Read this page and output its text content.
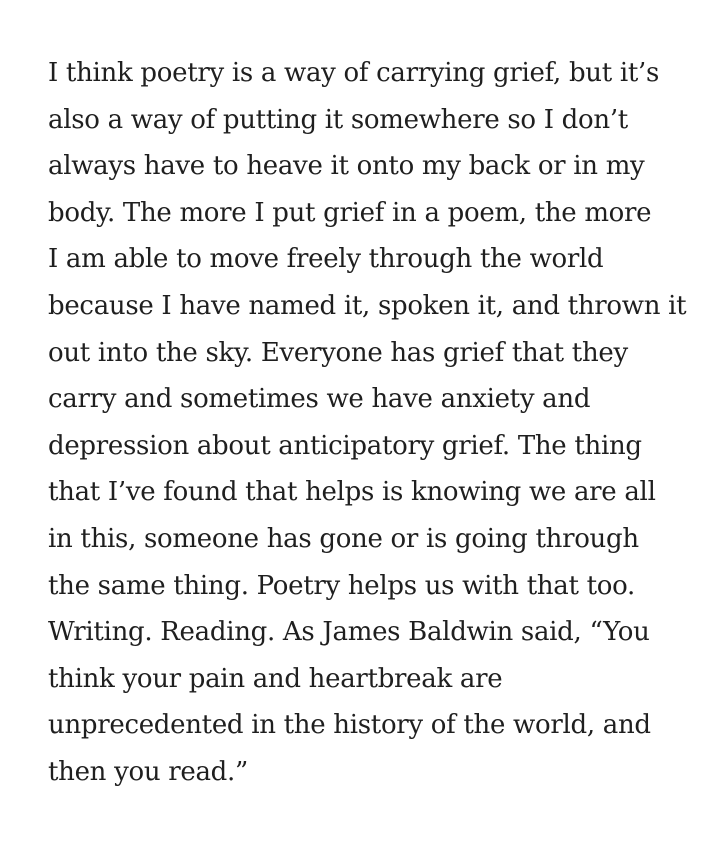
I think poetry is a way of carrying grief, but it’s
also a way of putting it somewhere so I don’t
always have to heave it onto my back or in my
body. The more I put grief in a poem, the more
I am able to move freely through the world
because I have named it, spoken it, and thrown it
out into the sky. Everyone has grief that they
carry and sometimes we have anxiety and
depression about anticipatory grief. The thing
that I’ve found that helps is knowing we are all
in this, someone has gone or is going through
the same thing. Poetry helps us with that too.
Writing. Reading. As James Baldwin said, “You
think your pain and heartbreak are
unprecedented in the history of the world, and
then you read.”
